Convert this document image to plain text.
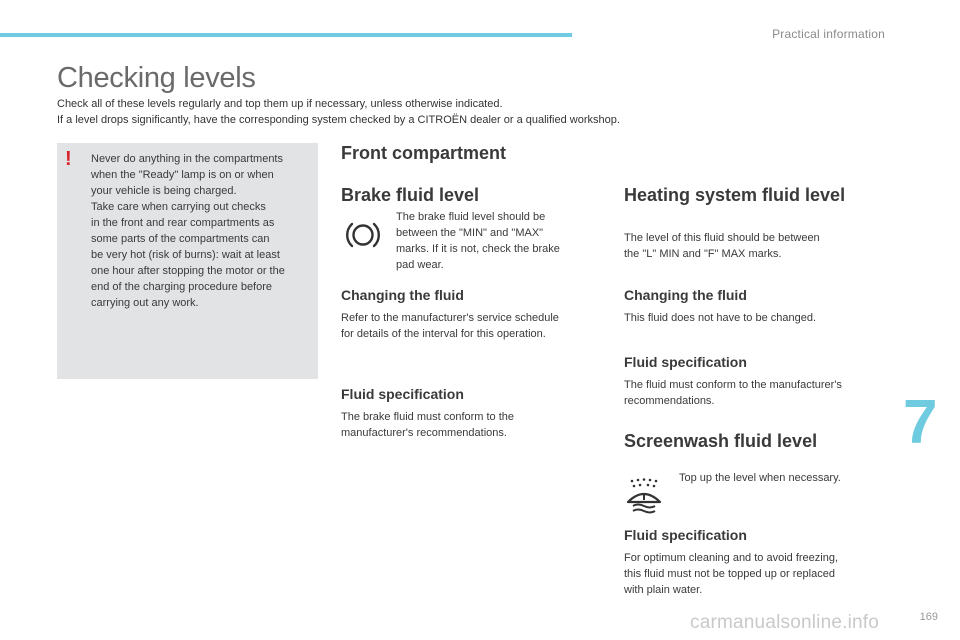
Practical information
Checking levels
Check all of these levels regularly and top them up if necessary, unless otherwise indicated.
If a level drops significantly, have the corresponding system checked by a CITROËN dealer or a qualified workshop.
! Never do anything in the compartments
when the "Ready" lamp is on or when
your vehicle is being charged.
Take care when carrying out checks
in the front and rear compartments as
some parts of the compartments can
be very hot (risk of burns): wait at least
one hour after stopping the motor or the
end of the charging procedure before
carrying out any work.
Front compartment
Brake fluid level
The brake fluid level should be
between the "MIN" and "MAX"
marks. If it is not, check the brake
pad wear.
Changing the fluid
Refer to the manufacturer's service schedule
for details of the interval for this operation.
Fluid specification
The brake fluid must conform to the
manufacturer's recommendations.
Heating system fluid level
The level of this fluid should be between
the "L" MIN and "F" MAX marks.
Changing the fluid
This fluid does not have to be changed.
Fluid specification
The fluid must conform to the manufacturer's
recommendations.
Screenwash fluid level
Top up the level when necessary.
Fluid specification
For optimum cleaning and to avoid freezing,
this fluid must not be topped up or replaced
with plain water.
7
carmanualsonline.info	169
